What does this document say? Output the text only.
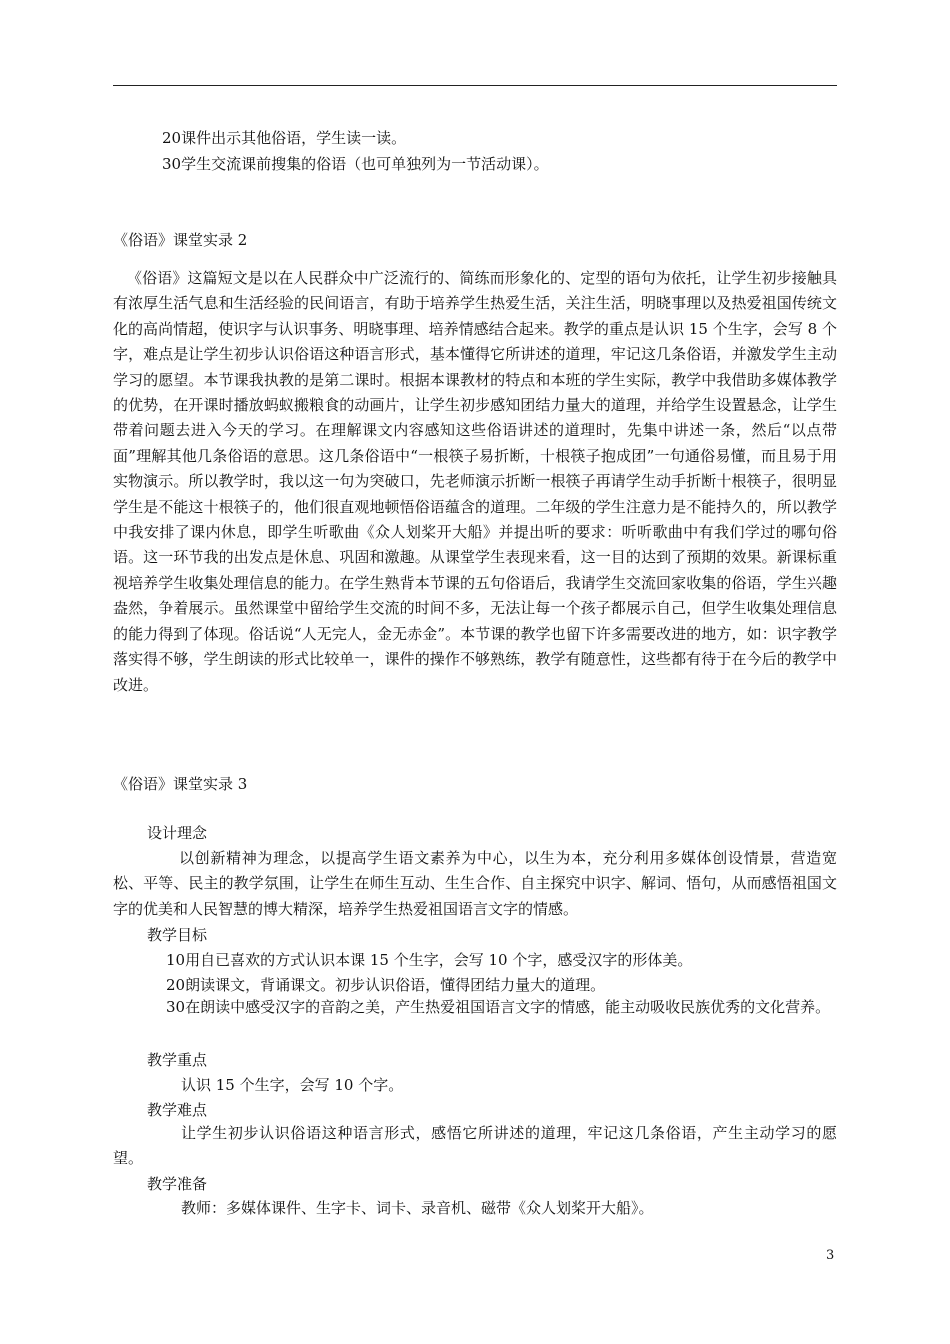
20课件出示其他俗语，学生读一读。
30学生交流课前搜集的俗语（也可单独列为一节活动课）。
《俗语》课堂实录 2
《俗语》这篇短文是以在人民群众中广泛流行的、简练而形象化的、定型的语句为依托，让学生初步接触具有浓厚生活气息和生活经验的民间语言，有助于培养学生热爱生活，关注生活，明晓事理以及热爱祖国传统文化的高尚情超，使识字与认识事务、明晓事理、培养情感结合起来。教学的重点是认识 15 个生字，会写 8 个字，难点是让学生初步认识俗语这种语言形式，基本懂得它所讲述的道理，牢记这几条俗语，并激发学生主动学习的愿望。本节课我执教的是第二课时。根据本课教材的特点和本班的学生实际，教学中我借助多媒体教学的优势，在开课时播放蚂蚁搬粮食的动画片，让学生初步感知团结力量大的道理，并给学生设置悬念，让学生带着问题去进入今天的学习。在理解课文内容感知这些俗语讲述的道理时，先集中讲述一条，然后“以点带面”理解其他几条俗语的意思。这几条俗语中“一根筷子易折断，十根筷子抱成团”一句通俗易懂，而且易于用实物演示。所以教学时，我以这一句为突破口，先老师演示折断一根筷子再请学生动手折断十根筷子，很明显学生是不能这十根筷子的，他们很直观地顿悟俗语蕴含的道理。二年级的学生注意力是不能持久的，所以教学中我安排了课内休息，即学生听歌曲《众人划桨开大船》并提出听的要求：听听歌曲中有我们学过的哪句俗语。这一环节我的出发点是休息、巩固和激趣。从课堂学生表现来看，这一目的达到了预期的效果。新课标重视培养学生收集处理信息的能力。在学生熟背本节课的五句俗语后，我请学生交流回家收集的俗语，学生兴趣盎然，争着展示。虽然课堂中留给学生交流的时间不多，无法让每一个孩子都展示自己，但学生收集处理信息的能力得到了体现。俗话说“人无完人，金无赤金”。本节课的教学也留下许多需要改进的地方，如：识字教学落实得不够，学生朗读的形式比较单一，课件的操作不够熟练，教学有随意性，这些都有待于在今后的教学中改进。
《俗语》课堂实录 3
设计理念
以创新精神为理念，以提高学生语文素养为中心，以生为本，充分利用多媒体创设情景，营造宽松、平等、民主的教学氛围，让学生在师生互动、生生合作、自主探究中识字、解词、悟句，从而感悟祖国文字的优美和人民智慧的博大精深，培养学生热爱祖国语言文字的情感。
教学目标
10用自已喜欢的方式认识本课 15 个生字，会写 10 个字，感受汉字的形体美。
20朗读课文，背诵课文。初步认识俗语，懂得团结力量大的道理。
30在朗读中感受汉字的音韵之美，产生热爱祖国语言文字的情感，能主动吸收民族优秀的文化营养。
教学重点
认识 15 个生字，会写 10 个字。
教学难点
让学生初步认识俗语这种语言形式，感悟它所讲述的道理，牢记这几条俗语，产生主动学习的愿望。
教学准备
教师：多媒体课件、生字卡、词卡、录音机、磁带《众人划桨开大船》。
3
